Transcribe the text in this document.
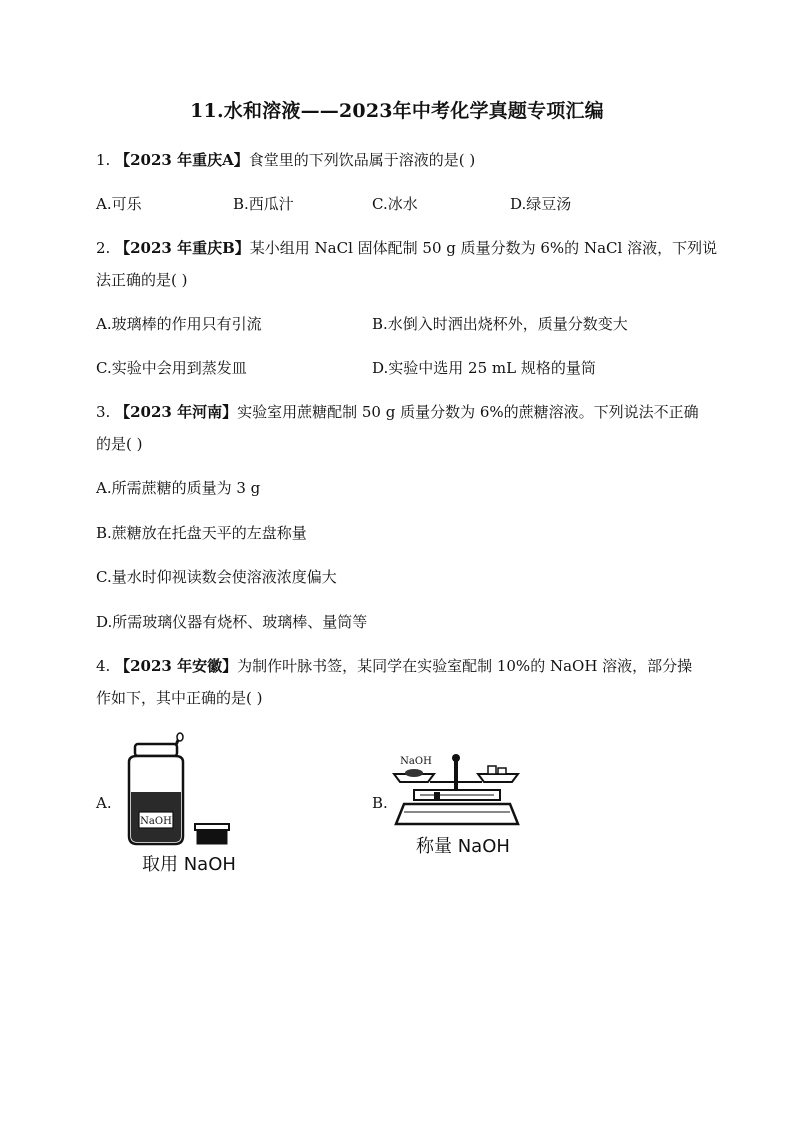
11.水和溶液——2023年中考化学真题专项汇编
1. 【2023 年重庆A】食堂里的下列饮品属于溶液的是( )
A.可乐	B.西瓜汁	C.冰水	D.绿豆汤
2. 【2023 年重庆B】某小组用 NaCl 固体配制 50 g 质量分数为 6%的 NaCl 溶液，下列说
法正确的是( )
A.玻璃棒的作用只有引流	B.水倒入时洒出烧杯外，质量分数变大
C.实验中会用到蒸发皿	D.实验中选用 25 mL 规格的量筒
3. 【2023 年河南】实验室用蔗糖配制 50 g 质量分数为 6%的蔗糖溶液。下列说法不正确
的是( )
A.所需蔗糖的质量为 3 g
B.蔗糖放在托盘天平的左盘称量
C.量水时仰视读数会使溶液浓度偏大
D.所需玻璃仪器有烧杯、玻璃棒、量筒等
4. 【2023 年安徽】为制作叶脉书签，某同学在实验室配制 10%的 NaOH 溶液，部分操
作如下，其中正确的是( )
A.
NaOH
取用 NaOH
B.
NaOH
称量 NaOH
